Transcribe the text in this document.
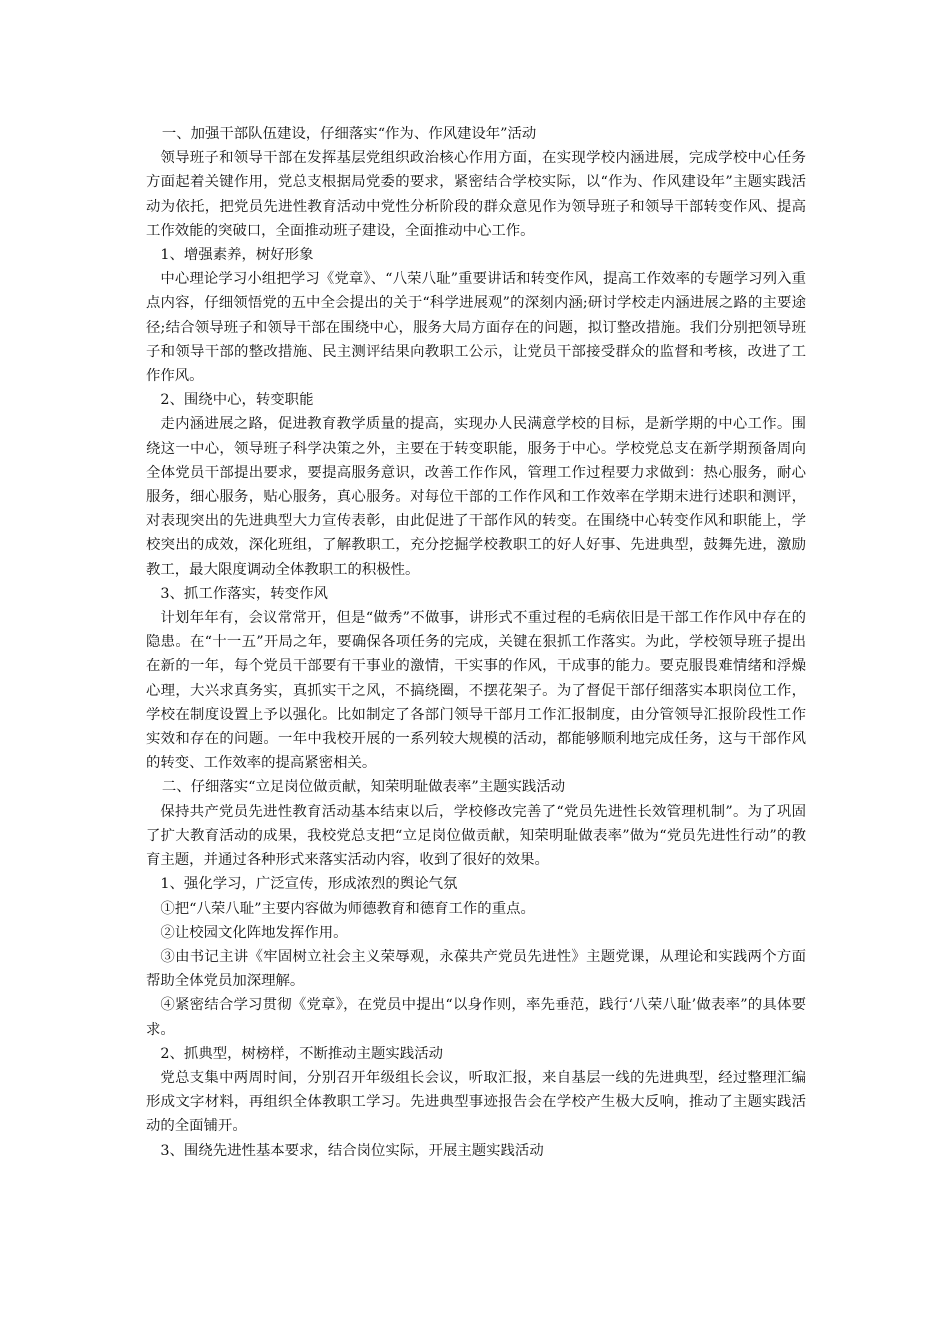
一、加强干部队伍建设，仔细落实“作为、作风建设年”活动

领导班子和领导干部在发挥基层党组织政治核心作用方面，在实现学校内涵进展，完成学校中心任务方面起着关键作用，党总支根据局党委的要求，紧密结合学校实际，以“作为、作风建设年”主题实践活动为依托，把党员先进性教育活动中党性分析阶段的群众意见作为领导班子和领导干部转变作风、提高工作效能的突破口，全面推动班子建设，全面推动中心工作。

1、增强素养，树好形象

中心理论学习小组把学习《党章》、“八荣八耻”重要讲话和转变作风，提高工作效率的专题学习列入重点内容，仔细领悟党的五中全会提出的关于“科学进展观”的深刻内涵;研讨学校走内涵进展之路的主要途径;结合领导班子和领导干部在围绕中心，服务大局方面存在的问题，拟订整改措施。我们分别把领导班子和领导干部的整改措施、民主测评结果向教职工公示，让党员干部接受群众的监督和考核，改进了工作作风。

2、围绕中心，转变职能

走内涵进展之路，促进教育教学质量的提高，实现办人民满意学校的目标，是新学期的中心工作。围绕这一中心，领导班子科学决策之外，主要在于转变职能，服务于中心。学校党总支在新学期预备周向全体党员干部提出要求，要提高服务意识，改善工作作风，管理工作过程要力求做到：热心服务，耐心服务，细心服务，贴心服务，真心服务。对每位干部的工作作风和工作效率在学期末进行述职和测评，对表现突出的先进典型大力宣传表彰，由此促进了干部作风的转变。在围绕中心转变作风和职能上，学校突出的成效，深化班组，了解教职工，充分挖掘学校教职工的好人好事、先进典型，鼓舞先进，激励教工，最大限度调动全体教职工的积极性。

3、抓工作落实，转变作风

计划年年有，会议常常开，但是“做秀”不做事，讲形式不重过程的毛病依旧是干部工作作风中存在的隐患。在“十一五”开局之年，要确保各项任务的完成，关键在狠抓工作落实。为此，学校领导班子提出在新的一年，每个党员干部要有干事业的激情，干实事的作风，干成事的能力。要克服畏难情绪和浮燥心理，大兴求真务实，真抓实干之风，不搞绕圈，不摆花架子。为了督促干部仔细落实本职岗位工作，学校在制度设置上予以强化。比如制定了各部门领导干部月工作汇报制度，由分管领导汇报阶段性工作实效和存在的问题。一年中我校开展的一系列较大规模的活动，都能够顺利地完成任务，这与干部作风的转变、工作效率的提高紧密相关。

二、仔细落实“立足岗位做贡献，知荣明耻做表率”主题实践活动

保持共产党员先进性教育活动基本结束以后，学校修改完善了“党员先进性长效管理机制”。为了巩固了扩大教育活动的成果，我校党总支把“立足岗位做贡献，知荣明耻做表率”做为“党员先进性行动”的教育主题，并通过各种形式来落实活动内容，收到了很好的效果。

1、强化学习，广泛宣传，形成浓烈的舆论气氛

①把“八荣八耻”主要内容做为师德教育和德育工作的重点。

②让校园文化阵地发挥作用。

③由书记主讲《牢固树立社会主义荣辱观，永葆共产党员先进性》主题党课，从理论和实践两个方面帮助全体党员加深理解。

④紧密结合学习贯彻《党章》，在党员中提出“以身作则，率先垂范，践行‘八荣八耻’做表率”的具体要求。

2、抓典型，树榜样，不断推动主题实践活动

党总支集中两周时间，分别召开年级组长会议，听取汇报，来自基层一线的先进典型，经过整理汇编形成文字材料，再组织全体教职工学习。先进典型事迹报告会在学校产生极大反响，推动了主题实践活动的全面铺开。

3、围绕先进性基本要求，结合岗位实际，开展主题实践活动
